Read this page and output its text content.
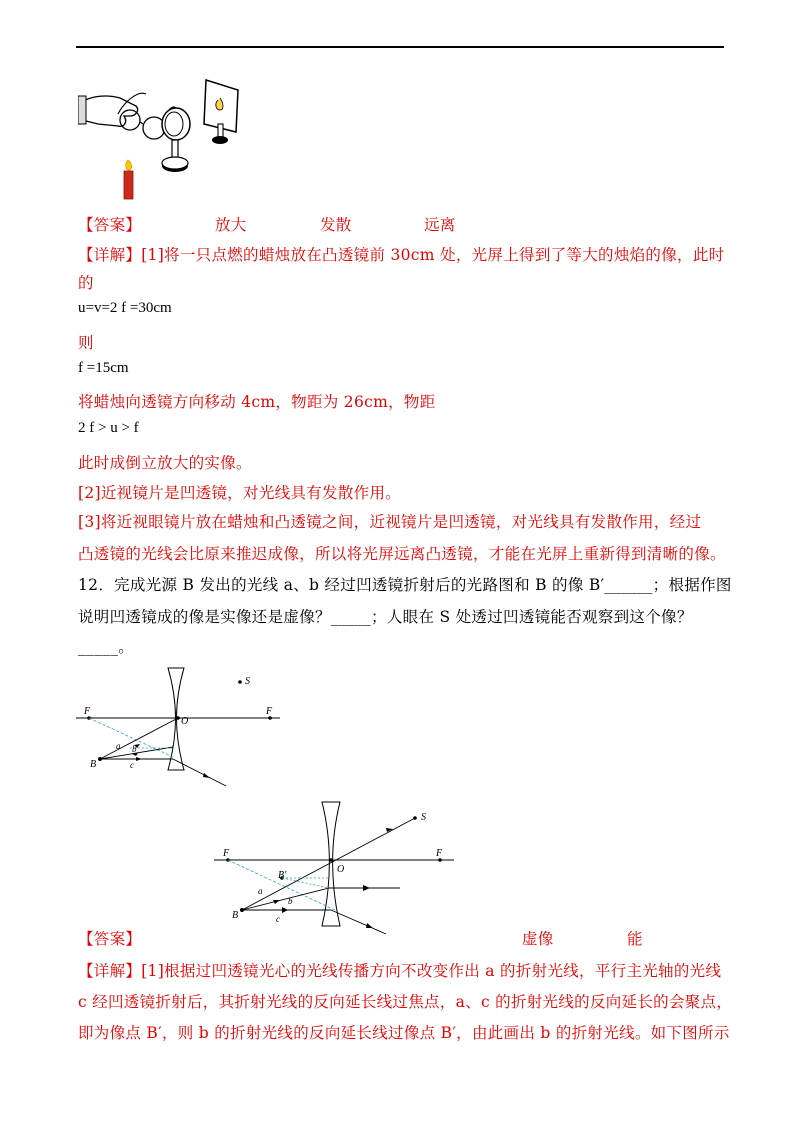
【答案】	放大	发散	远离
【详解】[1]将一只点燃的蜡烛放在凸透镜前 30cm 处，光屏上得到了等大的烛焰的像，此时
的
u=v=2 f =30cm
则
f =15cm
将蜡烛向透镜方向移动 4cm，物距为 26cm，物距
2 f > u > f
此时成倒立放大的实像。
[2]近视镜片是凹透镜，对光线具有发散作用。
[3]将近视眼镜片放在蜡烛和凸透镜之间，近视镜片是凹透镜，对光线具有发散作用，经过
凸透镜的光线会比原来推迟成像，所以将光屏远离凸透镜，才能在光屏上重新得到清晰的像。
12．完成光源 B 发出的光线 a、b 经过凹透镜折射后的光路图和 B 的像 B′______；根据作图
说明凹透镜成的像是实像还是虚像？_____；人眼在 S 处透过凹透镜能否观察到这个像？
_____。
F	F
O
S
B
a b
c
F	F
O
S
B
B′
a
b
c
【答案】	虚像	能
【详解】[1]根据过凹透镜光心的光线传播方向不改变作出 a 的折射光线，平行主光轴的光线
c 经凹透镜折射后，其折射光线的反向延长线过焦点，a、c 的折射光线的反向延长的会聚点，
即为像点 B′，则 b 的折射光线的反向延长线过像点 B′，由此画出 b 的折射光线。如下图所示
